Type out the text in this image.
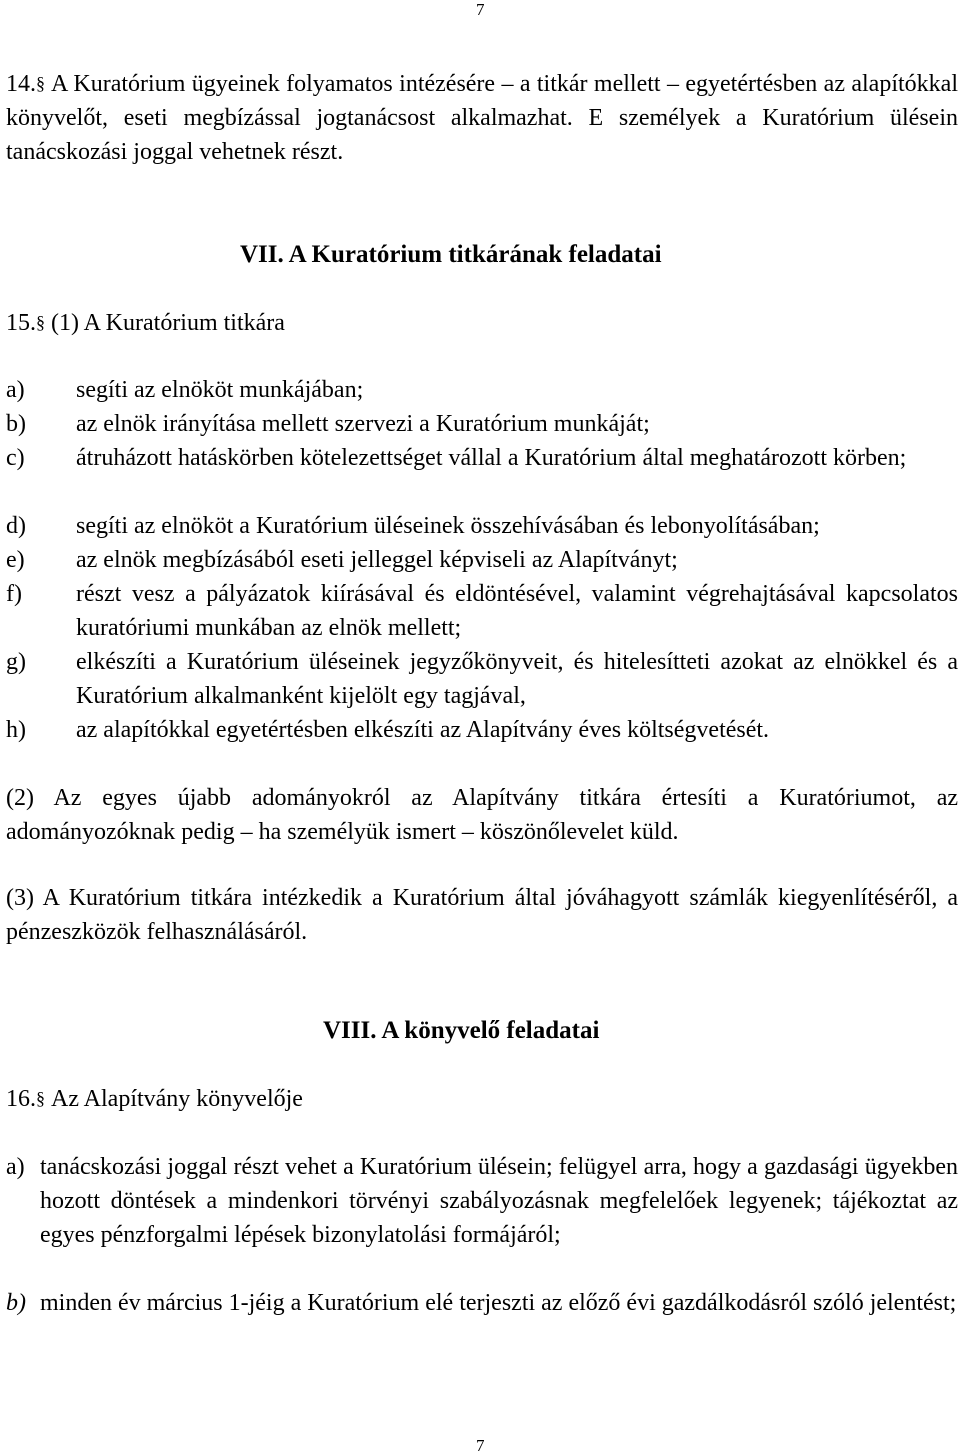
7
14.§ A Kuratórium ügyeinek folyamatos intézésére – a titkár mellett – egyetértésben az alapítókkal könyvelőt, eseti megbízással jogtanácsost alkalmazhat. E személyek a Kuratórium ülésein tanácskozási joggal vehetnek részt.
VII. A Kuratórium titkárának feladatai
15.§ (1) A Kuratórium titkára
a) segíti az elnököt munkájában;
b) az elnök irányítása mellett szervezi a Kuratórium munkáját;
c) átruházott hatáskörben kötelezettséget vállal a Kuratórium által meghatározott körben;
d) segíti az elnököt a Kuratórium üléseinek összehívásában és lebonyolításában;
e) az elnök megbízásából eseti jelleggel képviseli az Alapítványt;
f) részt vesz a pályázatok kiírásával és eldöntésével, valamint végrehajtásával kapcsolatos kuratóriumi munkában az elnök mellett;
g) elkészíti a Kuratórium üléseinek jegyzőkönyveit, és hitelesítteti azokat az elnökkel és a Kuratórium alkalmanként kijelölt egy tagjával,
h) az alapítókkal egyetértésben elkészíti az Alapítvány éves költségvetését.
(2) Az egyes újabb adományokról az Alapítvány titkára értesíti a Kuratóriumot, az adományozóknak pedig – ha személyük ismert – köszönőlevelet küld.
(3) A Kuratórium titkára intézkedik a Kuratórium által jóváhagyott számlák kiegyenlítéséről, a pénzeszközök felhasználásáról.
VIII. A könyvelő feladatai
16.§ Az Alapítvány könyvelője
a) tanácskozási joggal részt vehet a Kuratórium ülésein; felügyel arra, hogy a gazdasági ügyekben hozott döntések a mindenkori törvényi szabályozásnak megfelelőek legyenek; tájékoztat az egyes pénzforgalmi lépések bizonylatolási formájáról;
b) minden év március 1-jéig a Kuratórium elé terjeszti az előző évi gazdálkodásról szóló jelentést;
7
